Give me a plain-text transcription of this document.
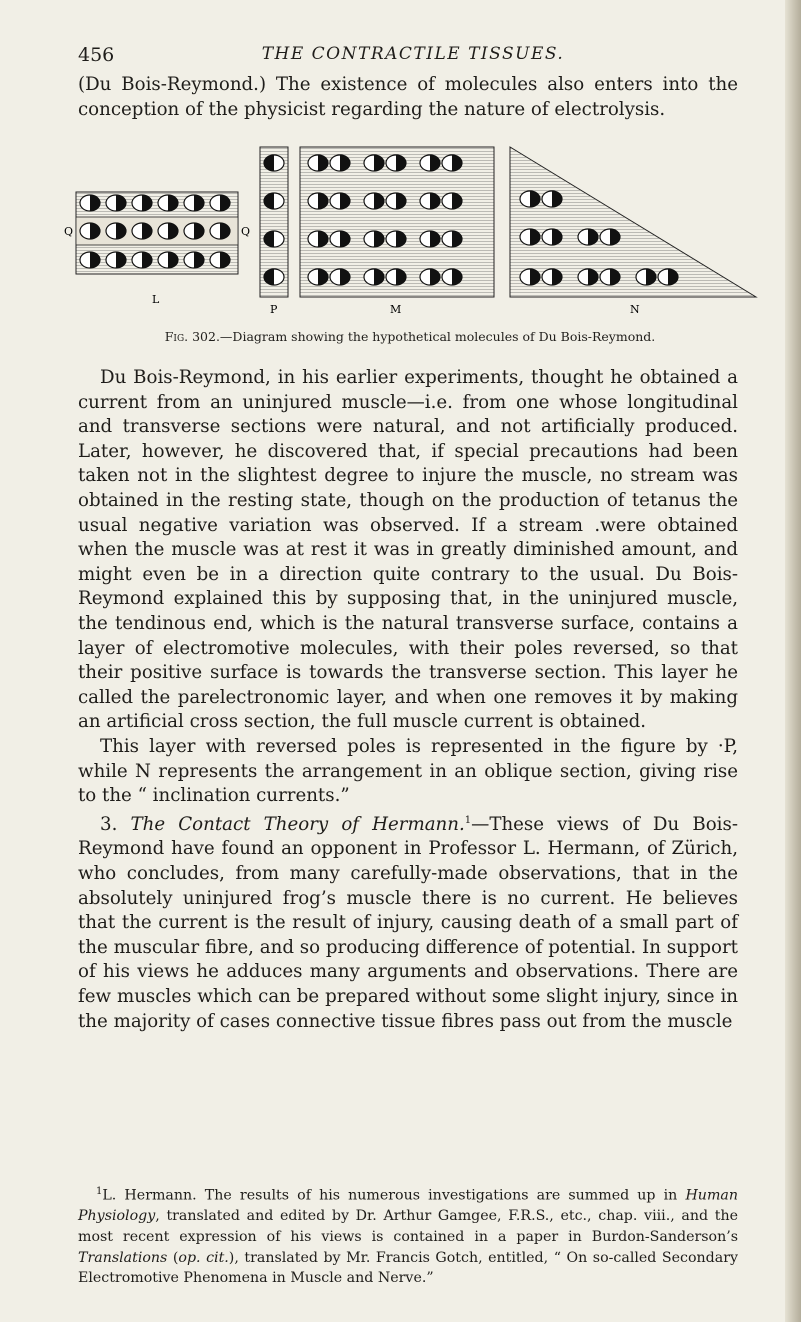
456	THE CONTRACTILE TISSUES.
(Du Bois-Reymond.) The existence of molecules also enters into the conception of the physicist regarding the nature of electrolysis.
Q	Q
L
P	M	N
Fig. 302.—Diagram showing the hypothetical molecules of Du Bois-Reymond.

Du Bois-Reymond, in his earlier experiments, thought he obtained a current from an uninjured muscle—i.e. from one whose longitudinal and transverse sections were natural, and not artificially produced. Later, however, he discovered that, if special precautions had been taken not in the slightest degree to injure the muscle, no stream was obtained in the resting state, though on the production of tetanus the usual negative variation was observed. If a stream .were obtained when the muscle was at rest it was in greatly diminished amount, and might even be in a direction quite contrary to the usual. Du Bois-Reymond explained this by supposing that, in the uninjured muscle, the tendinous end, which is the natural transverse surface, contains a layer of electromotive molecules, with their poles reversed, so that their positive surface is towards the transverse section. This layer he called the parelectronomic layer, and when one removes it by making an artificial cross section, the full muscle current is obtained.

This layer with reversed poles is represented in the figure by ·P, while N represents the arrangement in an oblique section, giving rise to the “ inclination currents.”

3. The Contact Theory of Hermann.$^1$—These views of Du Bois-Reymond have found an opponent in Professor L. Hermann, of Zürich, who concludes, from many carefully-made observations, that in the absolutely uninjured frog’s muscle there is no current. He believes that the current is the result of injury, causing death of a small part of the muscular fibre, and so producing difference of potential. In support of his views he adduces many arguments and observations. There are few muscles which can be prepared without some slight injury, since in the majority of cases connective tissue fibres pass out from the muscle

$^1$L. Hermann. The results of his numerous investigations are summed up in Human Physiology, translated and edited by Dr. Arthur Gamgee, F.R.S., etc., chap. viii., and the most recent expression of his views is contained in a paper in Burdon-Sanderson’s Translations (op. cit.), translated by Mr. Francis Gotch, entitled, “ On so-called Secondary Electromotive Phenomena in Muscle and Nerve.”
